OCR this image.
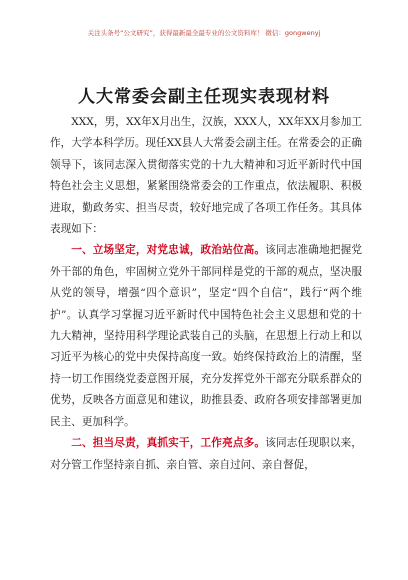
关注头条号“公文研究”，获得最新最全最专业的公文资料库！ 微信：gongwenyj
人大常委会副主任现实表现材料

XXX，男，XX年X月出生，汉族，XXX人，XX年XX月参加工作，大学本科学历。现任XX县人大常委会副主任。在常委会的正确领导下，该同志深入贯彻落实党的十九大精神和习近平新时代中国特色社会主义思想，紧紧围绕常委会的工作重点，依法履职、积极进取，勤政务实、担当尽责，较好地完成了各项工作任务。其具体表现如下：

一、立场坚定，对党忠诚，政治站位高。该同志准确地把握党外干部的角色，牢固树立党外干部同样是党的干部的观点，坚决服从党的领导，增强“四个意识”，坚定“四个自信”，践行“两个维护”。认真学习掌握习近平新时代中国特色社会主义思想和党的十九大精神，坚持用科学理论武装自己的头脑，在思想上行动上和以习近平为核心的党中央保持高度一致。始终保持政治上的清醒，坚持一切工作围绕党委意图开展，充分发挥党外干部充分联系群众的优势，反映各方面意见和建议，助推县委、政府各项安排部署更加民主、更加科学。

二、担当尽责，真抓实干，工作亮点多。该同志任现职以来，对分管工作坚持亲自抓、亲自管、亲自过问、亲自督促，
